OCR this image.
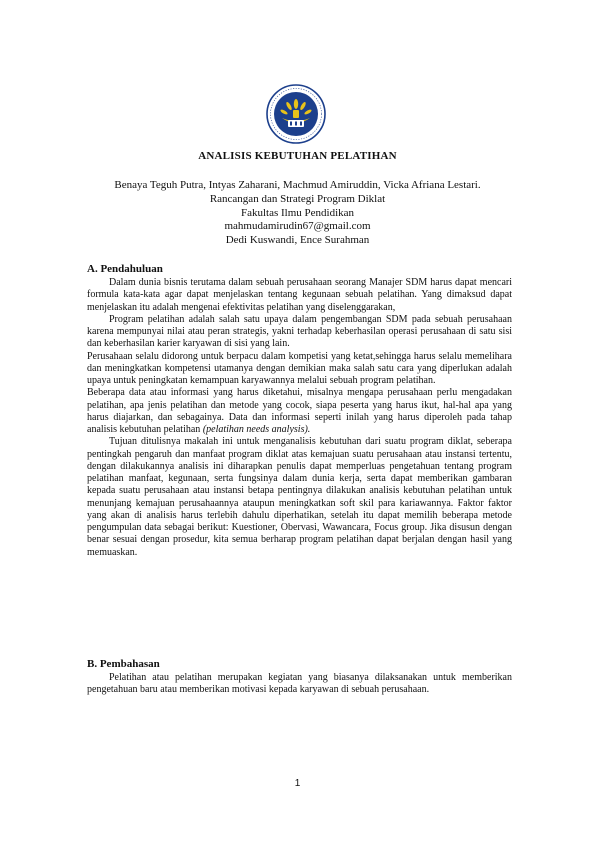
ANALISIS KEBUTUHAN PELATIHAN
Benaya Teguh Putra, Intyas Zaharani, Machmud Amiruddin, Vicka Afriana Lestari.
Rancangan dan Strategi Program Diklat
Fakultas Ilmu Pendidikan
mahmudamirudin67@gmail.com
Dedi Kuswandi, Ence Surahman
A. Pendahuluan

Dalam dunia bisnis terutama dalam sebuah perusahaan seorang Manajer SDM harus dapat mencari formula kata-kata agar dapat menjelaskan tentang kegunaan sebuah pelatihan. Yang dimaksud dapat menjelaskan itu adalah mengenai efektivitas pelatihan yang diselenggarakan,

Program pelatihan adalah salah satu upaya dalam pengembangan SDM pada sebuah perusahaan karena mempunyai nilai atau peran strategis, yakni terhadap keberhasilan operasi perusahaan di satu sisi dan keberhasilan karier karyawan di sisi yang lain.

Perusahaan selalu didorong untuk berpacu dalam kompetisi yang ketat,sehingga harus selalu memelihara dan meningkatkan kompetensi utamanya dengan demikian maka salah satu cara yang diperlukan adalah upaya untuk peningkatan kemampuan karyawannya melalui sebuah program pelatihan.

Beberapa data atau informasi yang harus diketahui, misalnya mengapa perusahaan perlu mengadakan pelatihan, apa jenis pelatihan dan metode yang cocok, siapa peserta yang harus ikut, hal-hal apa yang harus diajarkan, dan sebagainya. Data dan informasi seperti inilah yang harus diperoleh pada tahap analisis kebutuhan pelatihan (pelatihan needs analysis).

Tujuan ditulisnya makalah ini untuk menganalisis kebutuhan dari suatu program diklat, seberapa pentingkah pengaruh dan manfaat program diklat atas kemajuan suatu perusahaan atau instansi tertentu, dengan dilakukannya analisis ini diharapkan penulis dapat memperluas pengetahuan tentang program pelatihan manfaat, kegunaan, serta fungsinya dalam dunia kerja, serta dapat memberikan gambaran kepada suatu perusahaan atau instansi betapa pentingnya dilakukan analisis kebutuhan pelatihan untuk menunjang kemajuan perusahaannya ataupun meningkatkan soft skil para kariawannya. Faktor faktor yang akan di analisis harus terlebih dahulu diperhatikan, setelah itu dapat memilih beberapa metode pengumpulan data sebagai berikut: Kuestioner, Obervasi, Wawancara, Focus group. Jika disusun dengan benar sesuai dengan prosedur, kita semua berharap program pelatihan dapat berjalan dengan hasil yang memuaskan.

B. Pembahasan

Pelatihan atau pelatihan merupakan kegiatan yang biasanya dilaksanakan untuk memberikan pengetahuan baru atau memberikan motivasi kepada karyawan di sebuah perusahaan.

1
